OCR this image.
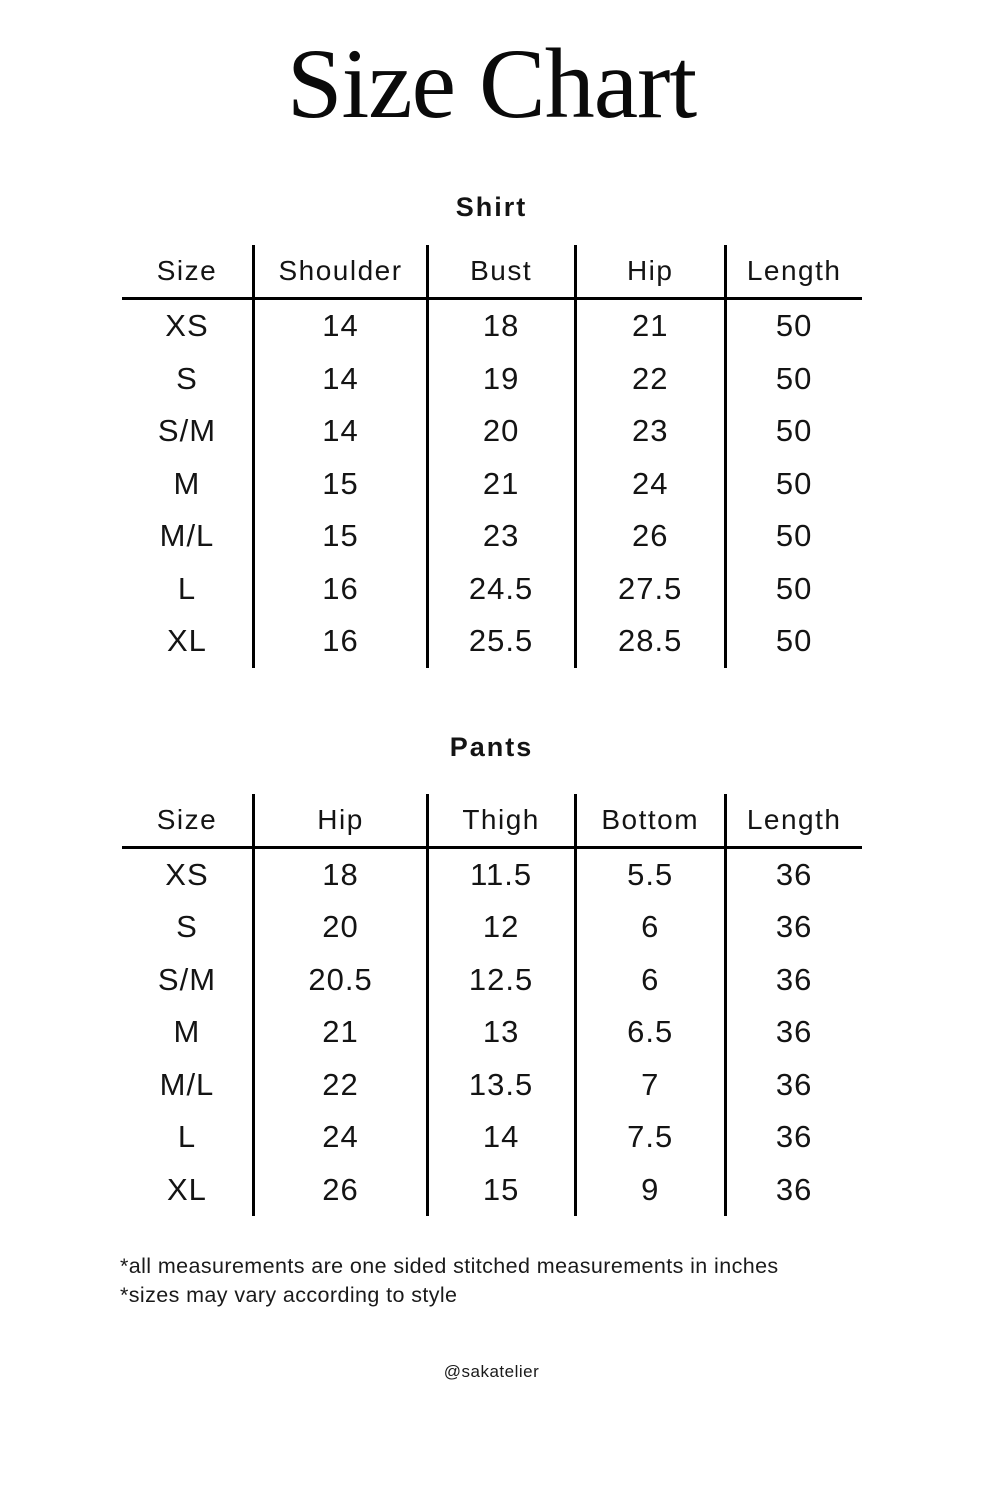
Size Chart
Shirt
Size	Shoulder	Bust	Hip	Length
XS	14	18	21	50
S	14	19	22	50
S/M	14	20	23	50
M	15	21	24	50
M/L	15	23	26	50
L	16	24.5	27.5	50
XL	16	25.5	28.5	50
Pants
Size	Hip	Thigh	Bottom	Length
XS	18	11.5	5.5	36
S	20	12	6	36
S/M	20.5	12.5	6	36
M	21	13	6.5	36
M/L	22	13.5	7	36
L	24	14	7.5	36
XL	26	15	9	36

*all measurements are one sided stitched measurements in inches

*sizes may vary according to style

@sakatelier
